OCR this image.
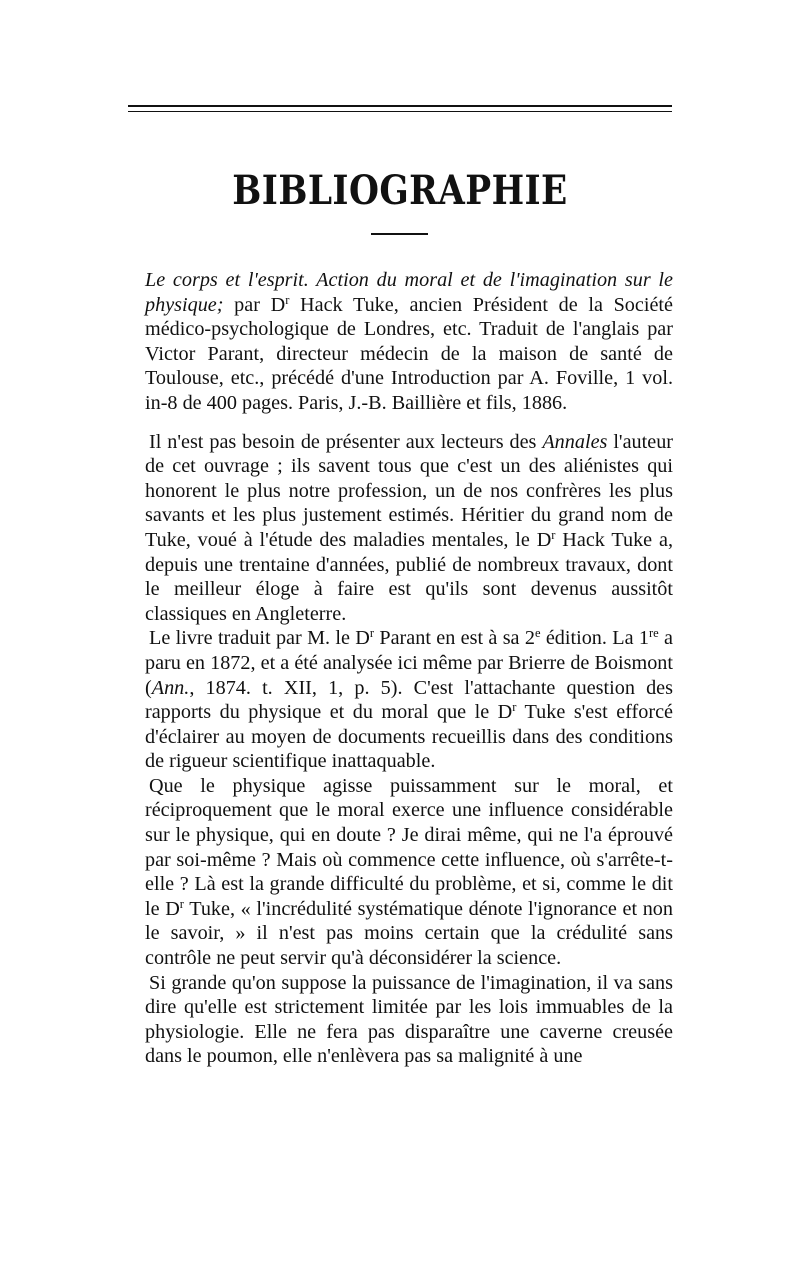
BIBLIOGRAPHIE

Le corps et l'esprit. Action du moral et de l'imagination sur le physique; par $D^r$ Hack Tuke, ancien Président de la Société médico-psychologique de Londres, etc. Traduit de l'anglais par Victor Parant, directeur médecin de la maison de santé de Toulouse, etc., précédé d'une Introduction par A. Foville, 1 vol. in-8 de 400 pages. Paris, J.-B. Baillière et fils, 1886.

Il n'est pas besoin de présenter aux lecteurs des Annales l'auteur de cet ouvrage ; ils savent tous que c'est un des aliénistes qui honorent le plus notre profession, un de nos confrères les plus savants et les plus justement estimés. Héritier du grand nom de Tuke, voué à l'étude des maladies mentales, le $D^r$ Hack Tuke a, depuis une trentaine d'années, publié de nombreux travaux, dont le meilleur éloge à faire est qu'ils sont devenus aussitôt classiques en Angleterre.

Le livre traduit par M. le $D^r$ Parant en est à sa 2e édition. La 1re a paru en 1872, et a été analysée ici même par Brierre de Boismont (Ann., 1874. t. XII, 1, p. 5). C'est l'attachante question des rapports du physique et du moral que le $D^r$ Tuke s'est efforcé d'éclairer au moyen de documents recueillis dans des conditions de rigueur scientifique inattaquable.

Que le physique agisse puissamment sur le moral, et réciproquement que le moral exerce une influence considérable sur le physique, qui en doute ? Je dirai même, qui ne l'a éprouvé par soi-même ? Mais où commence cette influence, où s'arrête-t-elle ? Là est la grande difficulté du problème, et si, comme le dit le $D^r$ Tuke, « l'incrédulité systématique dénote l'ignorance et non le savoir, » il n'est pas moins certain que la crédulité sans contrôle ne peut servir qu'à déconsidérer la science.

Si grande qu'on suppose la puissance de l'imagination, il va sans dire qu'elle est strictement limitée par les lois immuables de la physiologie. Elle ne fera pas disparaître une caverne creusée dans le poumon, elle n'enlèvera pas sa malignité à une
